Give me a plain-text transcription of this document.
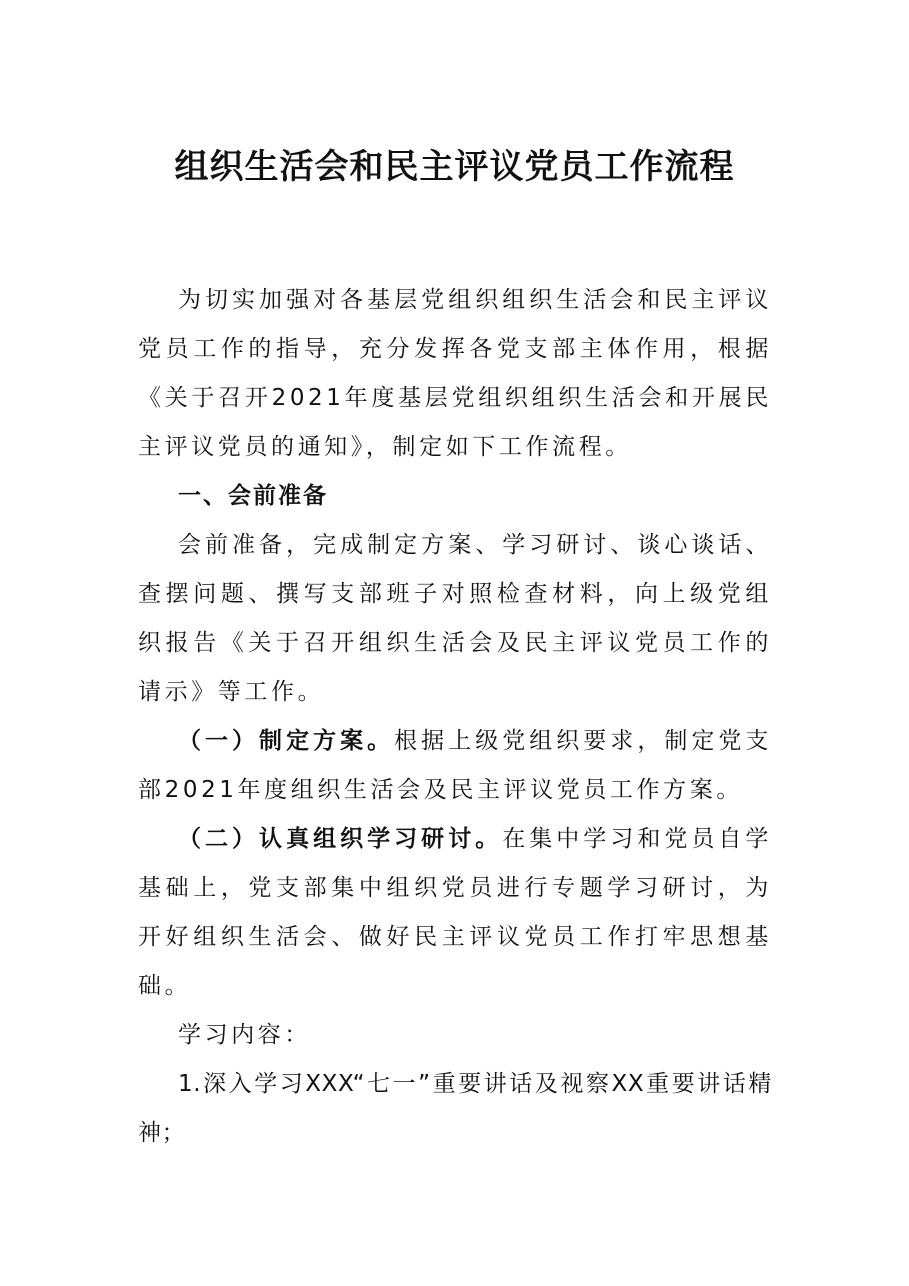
组织生活会和民主评议党员工作流程

为切实加强对各基层党组织组织生活会和民主评议党员工作的指导，充分发挥各党支部主体作用，根据《关于召开2021年度基层党组织组织生活会和开展民主评议党员的通知》，制定如下工作流程。

一、会前准备

会前准备，完成制定方案、学习研讨、谈心谈话、查摆问题、撰写支部班子对照检查材料，向上级党组织报告《关于召开组织生活会及民主评议党员工作的请示》等工作。

（一）制定方案。根据上级党组织要求，制定党支部2021年度组织生活会及民主评议党员工作方案。

（二）认真组织学习研讨。在集中学习和党员自学基础上，党支部集中组织党员进行专题学习研讨，为开好组织生活会、做好民主评议党员工作打牢思想基础。

学习内容：

1.深入学习XXX“七一”重要讲话及视察XX重要讲话精神；
